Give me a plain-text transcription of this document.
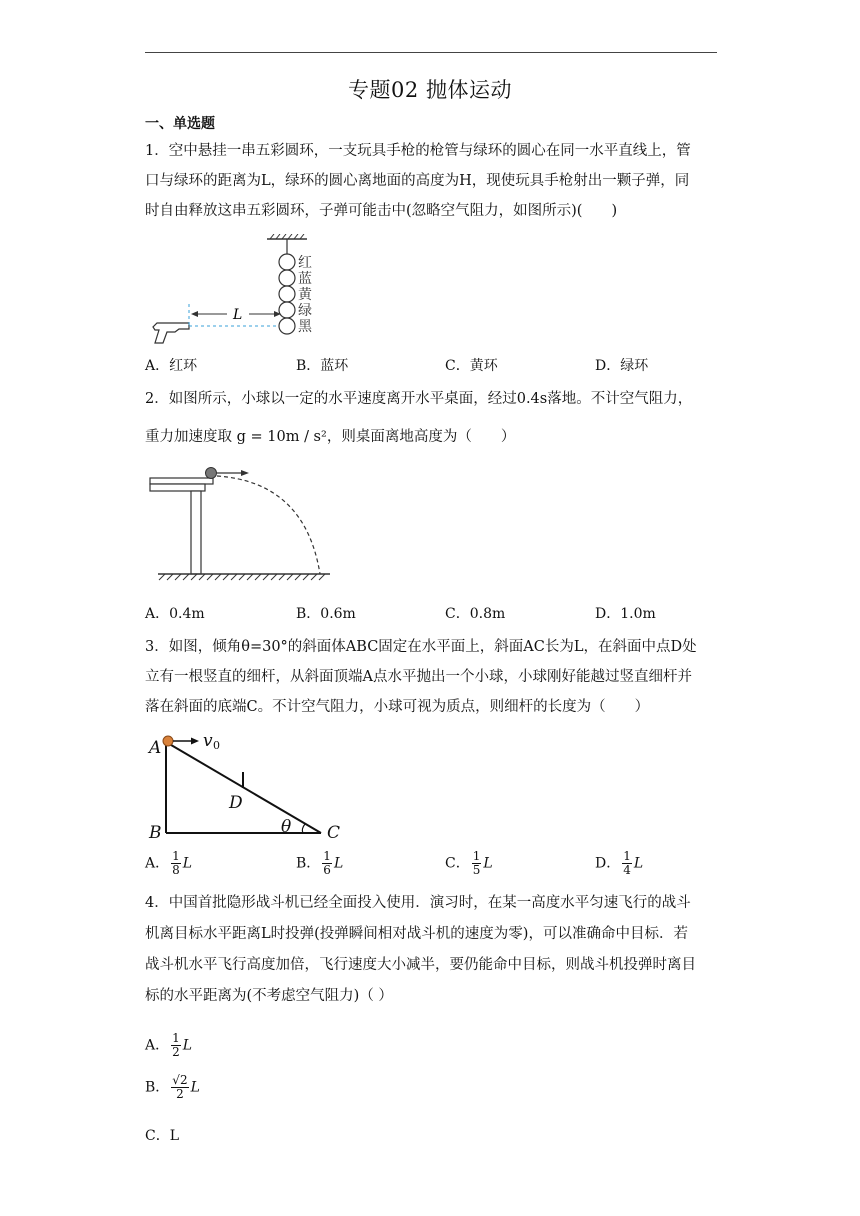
专题02 抛体运动
一、单选题
1．空中悬挂一串五彩圆环，一支玩具手枪的枪管与绿环的圆心在同一水平直线上，管
口与绿环的距离为L，绿环的圆心离地面的高度为H，现使玩具手枪射出一颗子弹，同
时自由释放这串五彩圆环，子弹可能击中(忽略空气阻力，如图所示)(　　)
红
蓝
黄
绿
黑
L
A．红环	B．蓝环	C．黄环	D．绿环
2．如图所示，小球以一定的水平速度离开水平桌面，经过0.4s落地。不计空气阻力，
重力加速度取 g = 10m / s²，则桌面离地高度为（　　）
A．0.4m	B．0.6m	C．0.8m	D．1.0m
3．如图，倾角θ=30°的斜面体ABC固定在水平面上，斜面AC长为L，在斜面中点D处
立有一根竖直的细杆，从斜面顶端A点水平抛出一个小球，小球刚好能越过竖直细杆并
落在斜面的底端C。不计空气阻力，小球可视为质点，则细杆的长度为（　　）
A
B	C
D
θ
v 0
A． $\frac{1}{8}$ L	B． $\frac{1}{6}$ L	C． $\frac{1}{5}$ L	D． $\frac{1}{4}$ L
4．中国首批隐形战斗机已经全面投入使用．演习时，在某一高度水平匀速飞行的战斗
机离目标水平距离L时投弹(投弹瞬间相对战斗机的速度为零)，可以准确命中目标．若
战斗机水平飞行高度加倍，飞行速度大小减半，要仍能命中目标，则战斗机投弹时离目
标的水平距离为(不考虑空气阻力)（ ）
A． $\frac{1}{2}$ L
B． $\frac{√2}{2}$ L
C．L
